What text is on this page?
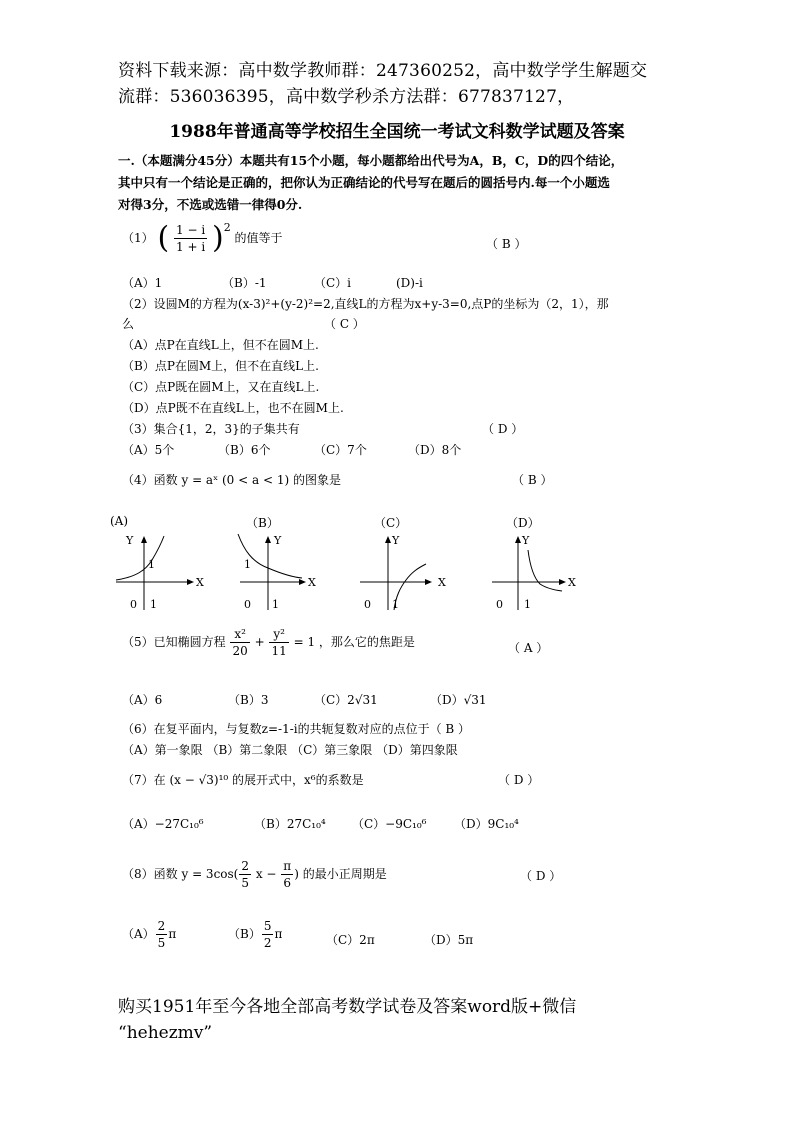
资料下载来源：高中数学教师群：247360252，高中数学学生解题交
流群：536036395，高中数学秒杀方法群：677837127，
1988年普通高等学校招生全国统一考试文科数学试题及答案
一.（本题满分45分）本题共有15个小题，每小题都给出代号为A，B，C，D的四个结论，
其中只有一个结论是正确的，把你认为正确结论的代号写在题后的圆括号内.每一个小题选
对得3分，不选或选错一律得0分.
（1） ( $\frac{1 - i}{1 + i} )2$ 的值等于	（ B ）
（A）1	（B）-1	（C）i	(D)-i
（2）设圆M的方程为(x-3)²+(y-2)²=2,直线L的方程为x+y-3=0,点P的坐标为（2，1），那
么	（ C ）
（A）点P在直线L上，但不在圆M上.
（B）点P在圆M上，但不在直线L上.
（C）点P既在圆M上，又在直线L上.
（D）点P既不在直线L上，也不在圆M上.
（3）集合{1，2，3}的子集共有	（ D ）
（A）5个	（B）6个	（C）7个	（D）8个
（4）函数 y = aˣ (0 < a < 1) 的图象是	（ B ）
(A)	（B）	（C）	（D）
Y
X
1
0 1
Y
X
1
0 1
Y
X
0 1
Y
X
0 1
（5）已知椭圆方程 $\frac{\text{x²}}{20} + \frac{\text{y²}}{11} = 1$ ，那么它的焦距是	（ A ）
（A）6	（B）3	（C）2√31	（D）√31
（6）在复平面内，与复数z=-1-i的共轭复数对应的点位于（ B ）
（A）第一象限 （B）第二象限 （C）第三象限 （D）第四象限
（7）在 (x − √3)¹⁰ 的展开式中，x⁶的系数是	（ D ）
（A）−27C₁₀⁶	（B）27C₁₀⁴ （C）−9C₁₀⁶ （D）9C₁₀⁴
（8）函数 $y = 3\cos( \frac{2}{5}$ $x - \frac{\pi}{6}$ ) 的最小正周期是	（ D ）
$(A) \frac{2}{5}$ π	$(B) \frac{5}{2}$ π	（C）2π	（D）5π
购买1951年至今各地全部高考数学试卷及答案word版+微信
“hehezmv”
